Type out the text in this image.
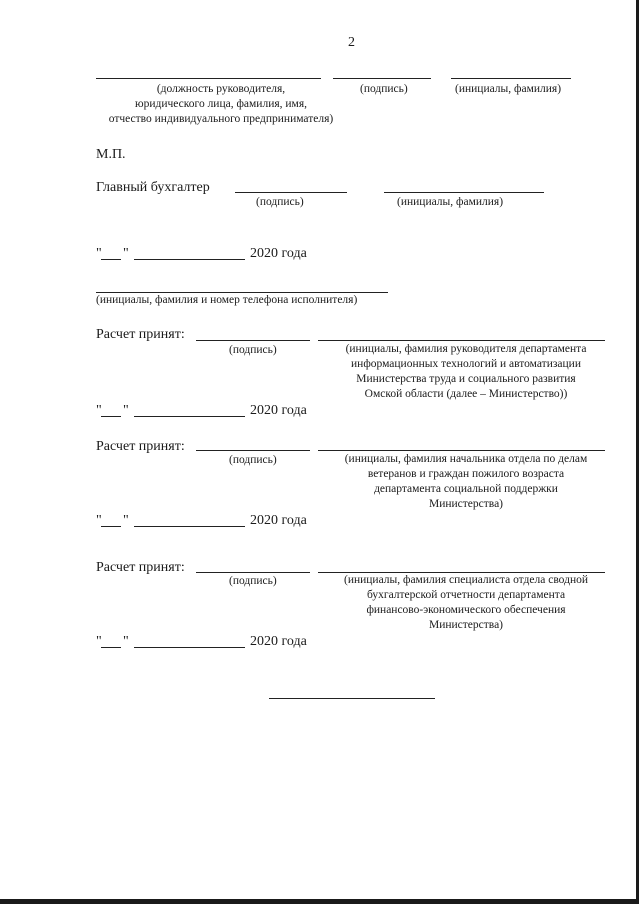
2
(должность руководителя,
юридического лица, фамилия, имя,
отчество индивидуального предпринимателя)
(подпись)	(инициалы, фамилия)
М.П.
Главный бухгалтер
(подпись)	(инициалы, фамилия)
" "	2020 года
(инициалы, фамилия и номер телефона исполнителя)
Расчет принят:
(подпись)	(инициалы, фамилия руководителя департамента
информационных технологий и автоматизации
Министерства труда и социального развития
Омской области (далее – Министерство))
" "	2020 года
Расчет принят:
(подпись)	(инициалы, фамилия начальника отдела по делам
ветеранов и граждан пожилого возраста
департамента социальной поддержки
Министерства)
" "	2020 года
Расчет принят:
(подпись)	(инициалы, фамилия специалиста отдела сводной
бухгалтерской отчетности департамента
финансово-экономического обеспечения
Министерства)
" "	2020 года
